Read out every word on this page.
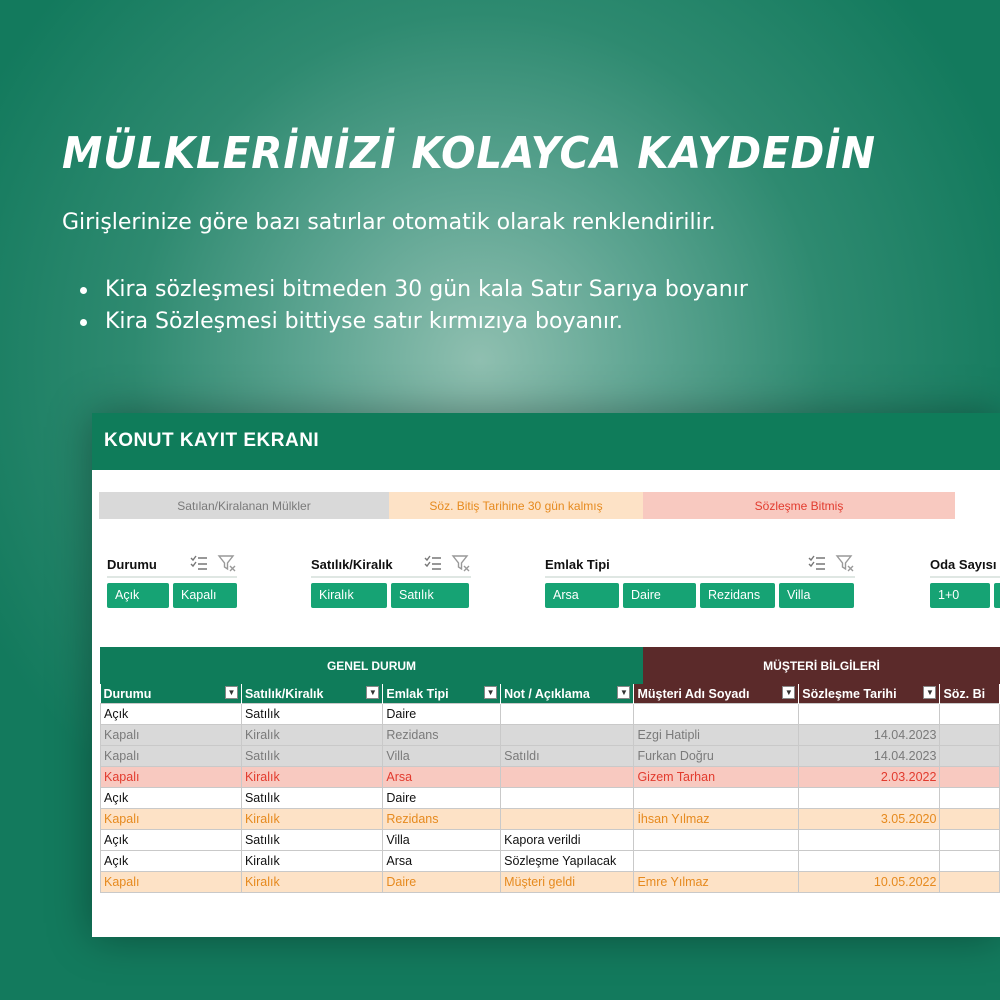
MÜLKLERİNİZİ KOLAYCA KAYDEDİN

Girişlerinize göre bazı satırlar otomatik olarak renklendirilir.

Kira sözleşmesi bitmeden 30 gün kala Satır Sarıya boyanır
Kira Sözleşmesi bittiyse satır kırmızıya boyanır.
KONUT KAYIT EKRANI
Satılan/Kiralanan Mülkler	Söz. Bitiş Tarihine 30 gün kalmış	Sözleşme Bitmiş
Durumu
Açık	Kapalı
Satılık/Kiralık
Kiralık	Satılık
Emlak Tipi
Arsa	Daire	Rezidans	Villa
Oda Sayısı
1+0
GENEL DURUM	MÜŞTERİ BİLGİLERİ
Durumu ▼	Satılık/Kiralık ▼	Emlak Tipi ▼	Not / Açıklama ▼	Müşteri Adı Soyadı ▼	Sözleşme Tarihi ▼	Söz. Bi
Açık	Satılık	Daire				
Kapalı	Kiralık	Rezidans		Ezgi Hatipli	14.04.2023	
Kapalı	Satılık	Villa	Satıldı	Furkan Doğru	14.04.2023	
Kapalı	Kiralık	Arsa		Gizem Tarhan	2.03.2022	
Açık	Satılık	Daire				
Kapalı	Kiralık	Rezidans		İhsan Yılmaz	3.05.2020	
Açık	Satılık	Villa	Kapora verildi			
Açık	Kiralık	Arsa	Sözleşme Yapılacak			
Kapalı	Kiralık	Daire	Müşteri geldi	Emre Yılmaz	10.05.2022	
